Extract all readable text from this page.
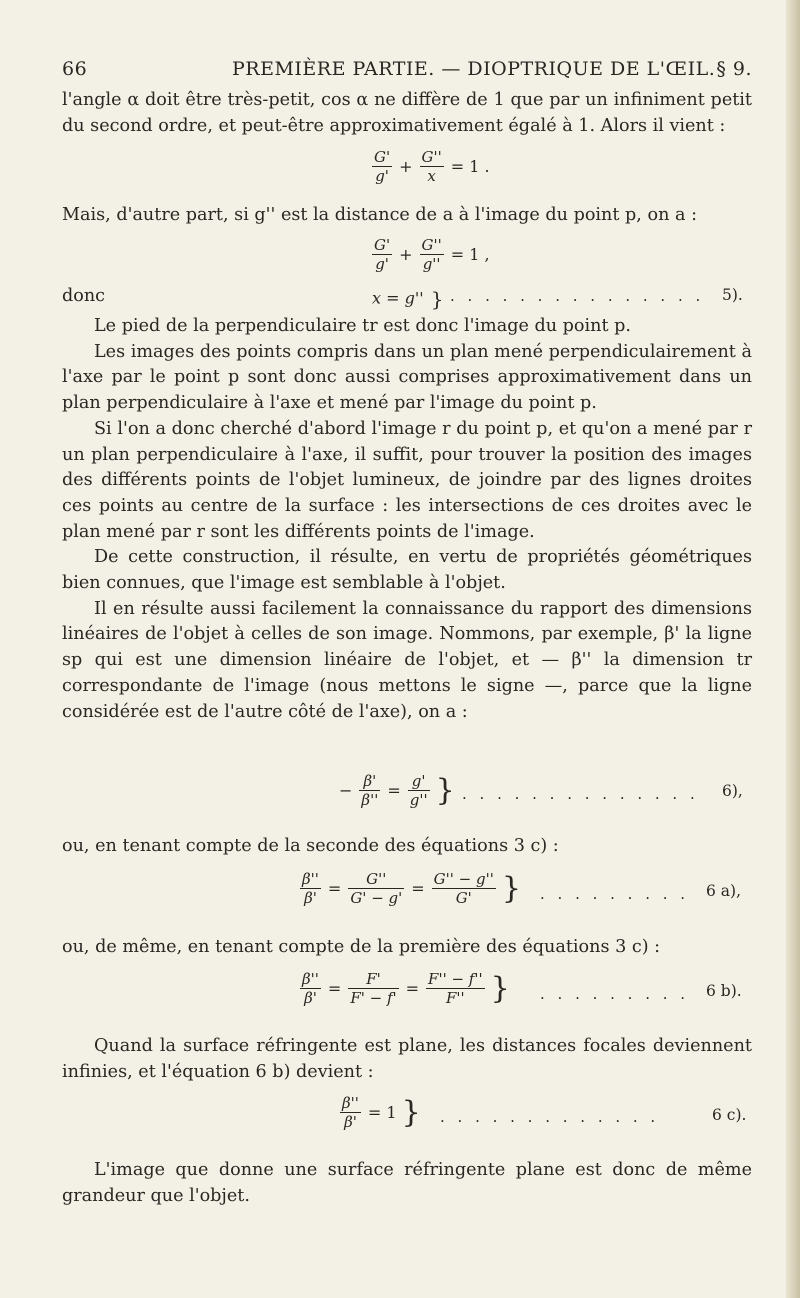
66	PREMIÈRE PARTIE. — DIOPTRIQUE DE L'ŒIL. § 9.

l'angle α doit être très-petit, cos α ne diffère de 1 que par un infiniment petit du second ordre, et peut-être approximativement égalé à 1. Alors il vient :

$\frac{G'}{g'} + \frac{G''}{x} = 1$ .

Mais, d'autre part, si g'' est la distance de a à l'image du point p, on a :

$\frac{G'}{g'} + \frac{G''}{g''} = 1$ ,
donc	x = g'' } . . . . . . . . . . . . . . . 5).

Le pied de la perpendiculaire tr est donc l'image du point p.

Les images des points compris dans un plan mené perpendiculairement à l'axe par le point p sont donc aussi comprises approximativement dans un plan perpendiculaire à l'axe et mené par l'image du point p.

Si l'on a donc cherché d'abord l'image r du point p, et qu'on a mené par r un plan perpendiculaire à l'axe, il suffit, pour trouver la position des images des différents points de l'objet lumineux, de joindre par des lignes droites ces points au centre de la surface : les intersections de ces droites avec le plan mené par r sont les différents points de l'image.

De cette construction, il résulte, en vertu de propriétés géométriques bien connues, que l'image est semblable à l'objet.

Il en résulte aussi facilement la connaissance du rapport des dimensions linéaires de l'objet à celles de son image. Nommons, par exemple, β' la ligne sp qui est une dimension linéaire de l'objet, et — β'' la dimension tr correspondante de l'image (nous mettons le signe —, parce que la ligne considérée est de l'autre côté de l'axe), on a :

− $\frac{\beta'}{\beta''} = \frac{g'}{g''}$ } . . . . . . . . . . . . . . 6),

ou, en tenant compte de la seconde des équations 3 c) :

$\frac{\beta''}{\beta'} = \frac{G''}{G' - g'} = \frac{G'' - g''}{G'}$ } . . . . . . . . . 6 a),

ou, de même, en tenant compte de la première des équations 3 c) :

$\frac{\beta''}{\beta'} = \frac{F'}{F' - f'} = \frac{F'' - f''}{F''}$ } . . . . . . . . . 6 b).

Quand la surface réfringente est plane, les distances focales deviennent infinies, et l'équation 6 b) devient :

$\frac{\beta''}{\beta'} = 1$ } . . . . . . . . . . . . .	6 c).

L'image que donne une surface réfringente plane est donc de même grandeur que l'objet.
